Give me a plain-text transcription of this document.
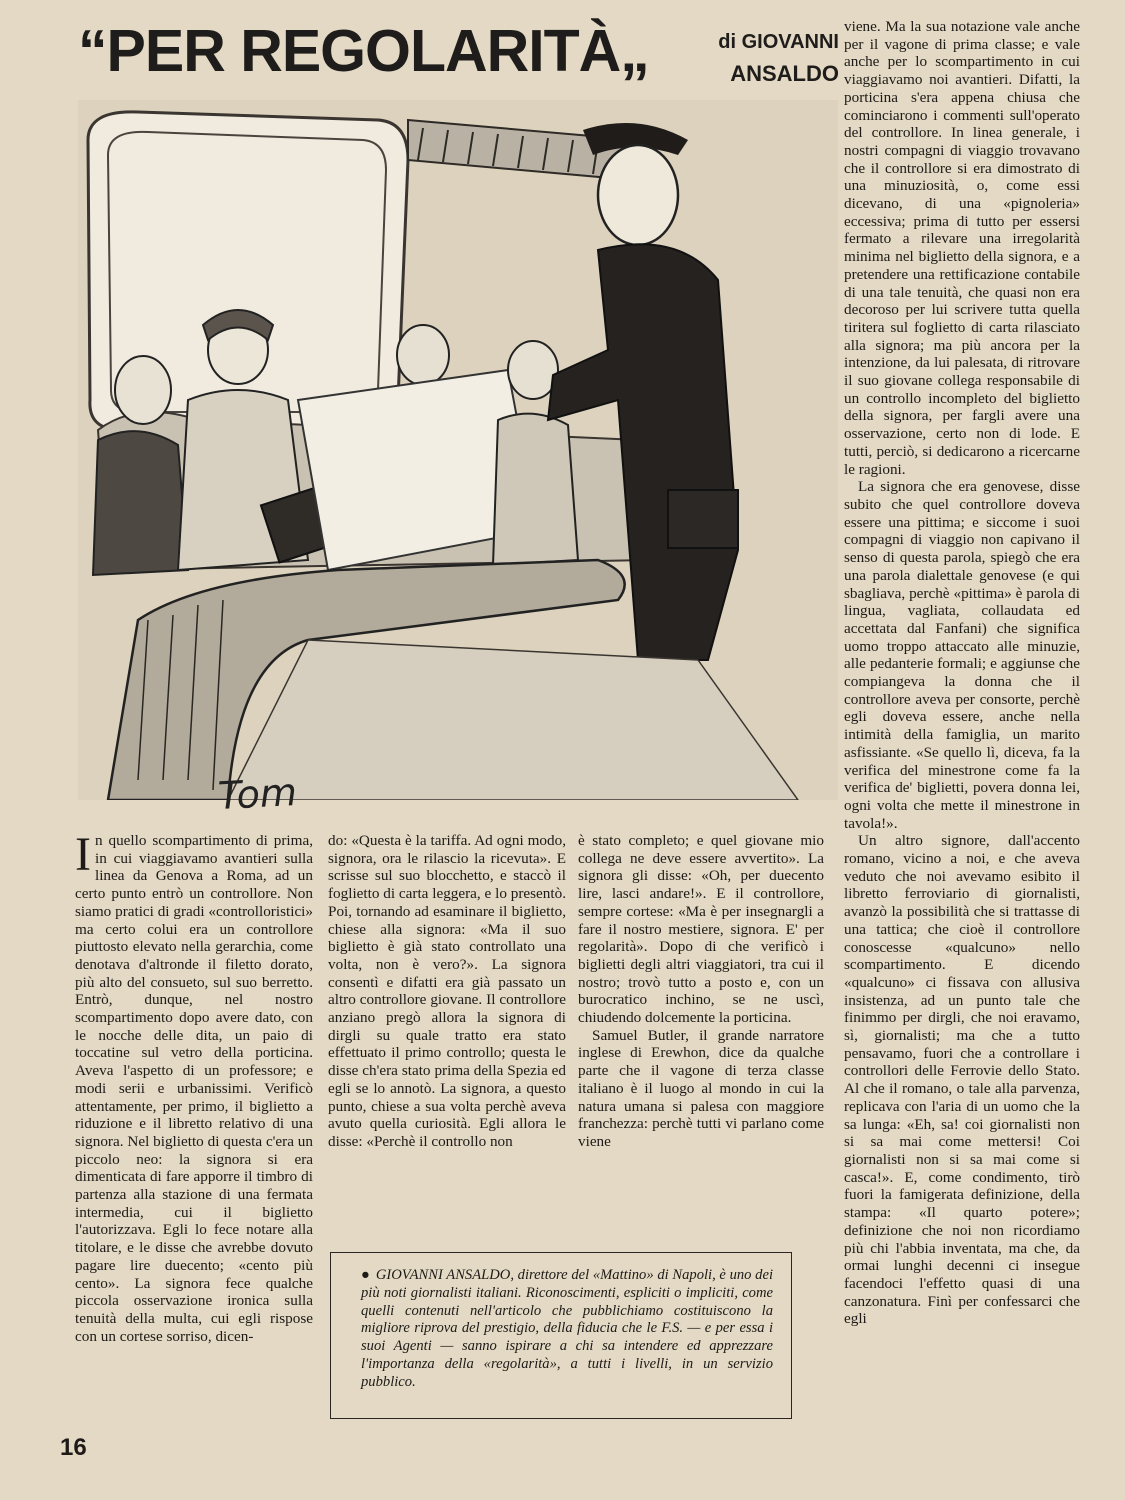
“PER REGOLARITÀ„	di GIOVANNI
ANSALDO
Tom
I n quello scompartimento di prima, in cui viaggiavamo avantieri sulla linea da Genova a Roma, ad un certo punto entrò un controllore. Non siamo pratici di gradi «controlloristici» ma certo colui era un controllore piuttosto elevato nella gerarchia, come denotava d'altronde il filetto dorato, più alto del consueto, sul suo berretto. Entrò, dunque, nel nostro scompartimento dopo avere dato, con le nocche delle dita, un paio di toccatine sul vetro della porticina. Aveva l'aspetto di un professore; e modi serii e urbanissimi. Verificò attentamente, per primo, il biglietto a riduzione e il libretto relativo di una signora. Nel biglietto di questa c'era un piccolo neo: la signora si era dimenticata di fare apporre il timbro di partenza alla stazione di una fermata intermedia, cui il biglietto l'autorizzava. Egli lo fece notare alla titolare, e le disse che avrebbe dovuto pagare lire duecento; «cento più cento». La signora fece qualche piccola osservazione ironica sulla tenuità della multa, cui egli rispose con un cortese sorriso, dicen-

do: «Questa è la tariffa. Ad ogni modo, signora, ora le rilascio la ricevuta». E scrisse sul suo blocchetto, e staccò il foglietto di carta leggera, e lo presentò. Poi, tornando ad esaminare il biglietto, chiese alla signora: «Ma il suo biglietto è già stato controllato una volta, non è vero?». La signora consentì e difatti era già passato un altro controllore giovane. Il controllore anziano pregò allora la signora di dirgli su quale tratto era stato effettuato il primo controllo; questa le disse ch'era stato prima della Spezia ed egli se lo annotò. La signora, a questo punto, chiese a sua volta perchè aveva avuto quella curiosità. Egli allora le disse: «Perchè il controllo non

è stato completo; e quel giovane mio collega ne deve essere avvertito». La signora gli disse: «Oh, per duecento lire, lasci andare!». E il controllore, sempre cortese: «Ma è per insegnargli a fare il nostro mestiere, signora. E' per regolarità». Dopo di che verificò i biglietti degli altri viaggiatori, tra cui il nostro; trovò tutto a posto e, con un burocratico inchino, se ne uscì, chiudendo dolcemente la porticina.

Samuel Butler, il grande narratore inglese di Erewhon, dice da qualche parte che il vagone di terza classe italiano è il luogo al mondo in cui la natura umana si palesa con maggiore franchezza: perchè tutti vi parlano come viene

viene. Ma la sua notazione vale anche per il vagone di prima classe; e vale anche per lo scompartimento in cui viaggiavamo noi avantieri. Difatti, la porticina s'era appena chiusa che cominciarono i commenti sull'operato del controllore. In linea generale, i nostri compagni di viaggio trovavano che il controllore si era dimostrato di una minuziosità, o, come essi dicevano, di una «pignoleria» eccessiva; prima di tutto per essersi fermato a rilevare una irregolarità minima nel biglietto della signora, e a pretendere una rettificazione contabile di una tale tenuità, che quasi non era decoroso per lui scrivere tutta quella tiritera sul foglietto di carta rilasciato alla signora; ma più ancora per la intenzione, da lui palesata, di ritrovare il suo giovane collega responsabile di un controllo incompleto del biglietto della signora, per fargli avere una osservazione, certo non di lode. E tutti, perciò, si dedicarono a ricercarne le ragioni.

La signora che era genovese, disse subito che quel controllore doveva essere una pittima; e siccome i suoi compagni di viaggio non capivano il senso di questa parola, spiegò che era una parola dialettale genovese (e qui sbagliava, perchè «pittima» è parola di lingua, vagliata, collaudata ed accettata dal Fanfani) che significa uomo troppo attaccato alle minuzie, alle pedanterie formali; e aggiunse che compiangeva la donna che il controllore aveva per consorte, perchè egli doveva essere, anche nella intimità della famiglia, un marito asfissiante. «Se quello lì, diceva, fa la verifica del minestrone come fa la verifica de' biglietti, povera donna lei, ogni volta che mette il minestrone in tavola!».

Un altro signore, dall'accento romano, vicino a noi, e che aveva veduto che noi avevamo esibito il libretto ferroviario di giornalisti, avanzò la possibilità che si trattasse di una tattica; che cioè il controllore conoscesse «qualcuno» nello scompartimento. E dicendo «qualcuno» ci fissava con allusiva insistenza, ad un punto tale che finimmo per dirgli, che noi eravamo, sì, giornalisti; ma che a tutto pensavamo, fuori che a controllare i controllori delle Ferrovie dello Stato. Al che il romano, o tale alla parvenza, replicava con l'aria di un uomo che la sa lunga: «Eh, sa! coi giornalisti non si sa mai come mettersi! Coi giornalisti non si sa mai come si casca!». E, come condimento, tirò fuori la famigerata definizione, della stampa: «Il quarto potere»; definizione che noi non ricordiamo più chi l'abbia inventata, ma che, da ormai lunghi decenni ci insegue facendoci l'effetto quasi di una canzonatura. Finì per confessarci che egli

● GIOVANNI ANSALDO, direttore del «Mattino» di Napoli, è uno dei più noti giornalisti italiani. Riconoscimenti, espliciti o impliciti, come quelli contenuti nell'articolo che pubblichiamo costituiscono la migliore riprova del prestigio, della fiducia che le F.S. — e per essa i suoi Agenti — sanno ispirare a chi sa intendere ed apprezzare l'importanza della «regolarità», a tutti i livelli, in un servizio pubblico.
16
